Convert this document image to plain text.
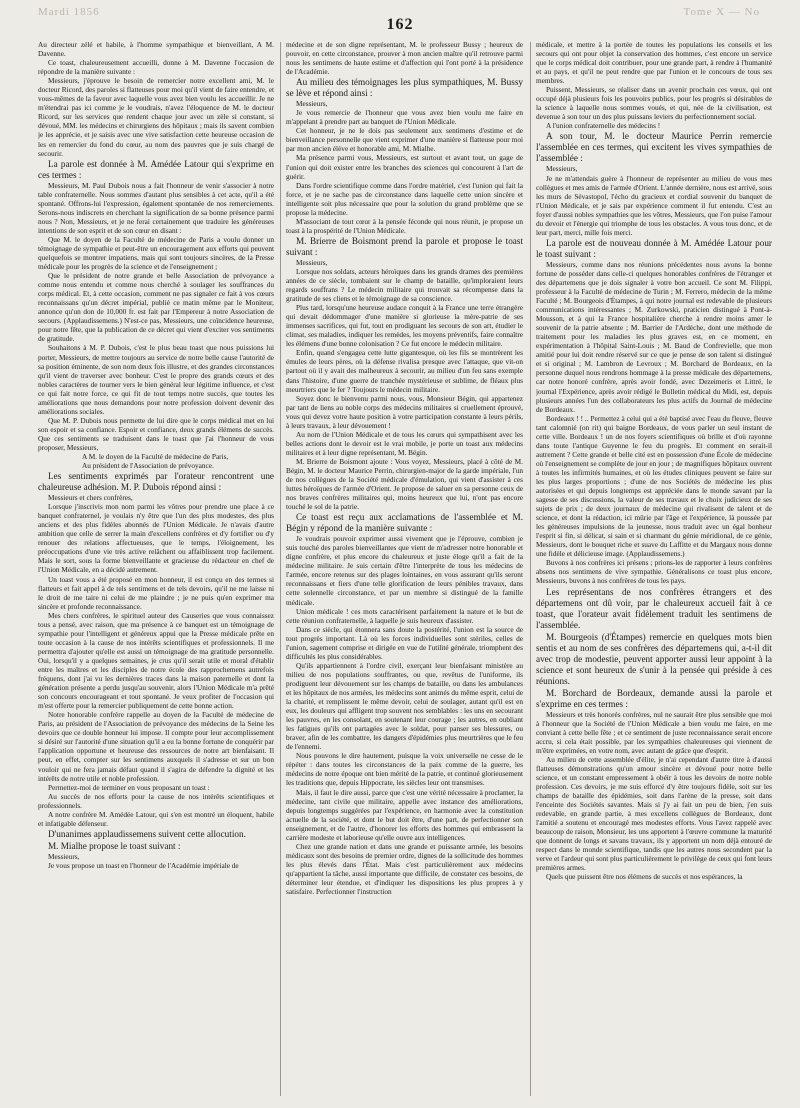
Mardi 1856
162
Tome X — No

Au directeur zélé et habile, à l'homme sympathique et bienveillant, A M. Davenne.

Ce toast, chaleureusement accueilli, donne à M. Davenne l'occasion de répondre de la manière suivante :

Messieurs, j'éprouve le besoin de remercier notre excellent ami, M. le docteur Ricord, des paroles si flatteuses pour moi qu'il vient de faire entendre, et vous-mêmes de la faveur avec laquelle vous avez bien voulu les accueillir. Je ne m'étendrai pas ici comme je le voudrais, n'avez l'éloquence de M. le docteur Ricord, sur les services que rendent chaque jour avec un zèle si constant, si dévoué, MM. les médecins et chirurgiens des hôpitaux ; mais ils savent combien je les apprécie, et je saisis avec une vive satisfaction cette heureuse occasion de les en remercier du fond du cœur, au nom des pauvres que je suis chargé de secourir.

La parole est donnée à M. Amédée Latour qui s'exprime en ces termes :

Messieurs, M. Paul Dubois nous a fait l'honneur de venir s'associer à notre table confraternelle. Nous sommes d'autant plus sensibles à cet acte, qu'il a été spontané. Offrons-lui l'expression, également spontanée de nos remerciements. Serons-nous indiscrets en cherchant la signification de sa bonne présence parmi nous ? Non, Messieurs, et je ne ferai certainement que traduire les généreuses intentions de son esprit et de son cœur en disant :

Que M. le doyen de la Faculté de médecine de Paris a voulu donner un témoignage de sympathie et peut-être un encouragement aux efforts qui peuvent quelquefois se montrer impatiens, mais qui sont toujours sincères, de la Presse médicale pour les progrès de la science et de l'enseignement ;

Que le président de notre grande et belle Association de prévoyance a comme nous entendu et comme nous cherché à soulager les souffrances du corps médical. Et, à cette occasion, comment ne pas signaler ce fait à vos cœurs reconnaissans qu'un décret impérial, publié ce matin même par le Moniteur, annonce qu'un don de 10,000 fr. est fait par l'Empereur à notre Association de secours. (Applaudissemens.) N'est-ce pas, Messieurs, une coïncidence heureuse, pour notre fête, que la publication de ce décret qui vient d'exciter vos sentiments de gratitude.

Souhaitons à M. P. Dubois, c'est le plus beau toast que nous puissions lui porter, Messieurs, de mettre toujours au service de notre belle cause l'autorité de sa position éminente, de son nom deux fois illustre, et des grandes circonstances qu'il vient de traverser avec bonheur. C'est le propre des grands cœurs et des nobles caractères de tourner vers le bien général leur légitime influence, et c'est ce qui fait notre force, ce qui fit de tout temps notre succès, que toutes les améliorations que nous demandons pour notre profession doivent devenir des améliorations sociales.

Que M. P. Dubois nous permette de lui dire que le corps médical met en lui son espoir et sa confiance. Espoir et confiance, deux grands élémens de succès. Que ces sentiments se traduisent dans le toast que j'ai l'honneur de vous proposer, Messieurs,

A M. le doyen de la Faculté de médecine de Paris,

Au président de l'Association de prévoyance.

Les sentiments exprimés par l'orateur rencontrent une chaleureuse adhésion. M. P. Dubois répond ainsi :

Messieurs et chers confrères,

Lorsque j'inscrivis mon nom parmi les vôtres pour prendre une place à ce banquet confraternel, je voulais n'y être que l'un des plus modestes, des plus anciens et des plus fidèles abonnés de l'Union Médicale. Je n'avais d'autre ambition que celle de serrer la main d'excellens confrères et d'y fortifier ou d'y renouer des relations affectueuses, que le temps, l'éloignement, les préoccupations d'une vie très active relâchent ou affaiblissent trop facilement. Mais le sort, sous la forme bienveillante et gracieuse du rédacteur en chef de l'Union Médicale, en a décidé autrement.

Un toast vous a été proposé en mon honneur, il est conçu en des termes si flatteurs et fait appel à de tels sentimens et de tels devoirs, qu'il ne me laisse ni le droit de me taire ni celui de me plaindre ; je ne puis qu'en exprimer ma sincère et profonde reconnaissance.

Mes chers confrères, le spirituel auteur des Causeries que vous connaissez tous a pensé, avec raison, que ma présence à ce banquet est un témoignage de sympathie pour l'intelligent et généreux appui que la Presse médicale prête en toute occasion à la cause de nos intérêts scientifiques et professionnels. Il me permettra d'ajouter qu'elle est aussi un témoignage de ma gratitude personnelle. Oui, lorsqu'il y a quelques semaines, je crus qu'il serait utile et moral d'établir entre les maîtres et les disciples de notre école des rapprochemens autrefois fréquens, dont j'ai vu les dernières traces dans la maison paternelle et dont la génération présente a perdu jusqu'au souvenir, alors l'Union Médicale m'a prêté son concours encourageant et tout spontané. Je veux profiter de l'occasion qui m'est offerte pour la remercier publiquement de cette bonne action.

Notre honorable confrère rappelle au doyen de la Faculté de médecine de Paris, au président de l'Association de prévoyance des médecins de la Seine les devoirs que ce double honneur lui impose. Il compte pour leur accomplissement si désiré sur l'autorité d'une situation qu'il a eu la bonne fortune de conquérir par l'application opportune et heureuse des ressources de notre art bienfaisant. Il peut, en effet, compter sur les sentimens auxquels il s'adresse et sur un bon vouloir qui ne fera jamais défaut quand il s'agira de défendre la dignité et les intérêts de notre utile et noble profession.

Permettez-moi de terminer en vous proposant un toast :

Au succès de nos efforts pour la cause de nos intérêts scientifiques et professionnels.

A notre confrère M. Amédée Latour, qui s'en est montré un éloquent, habile et infatigable défenseur.

D'unanimes applaudissemens suivent cette allocution.

M. Mialhe propose le toast suivant :

Messieurs,

Je vous propose un toast en l'honneur de l'Académie impériale de

médecine et de son digne représentant, M. le professeur Bussy ; heureux de pouvoir, en cette circonstance, prouver à mon ancien maître qu'il retrouve parmi nous les sentimens de haute estime et d'affection qui l'ont porté à la présidence de l'Académie.

Au milieu des témoignages les plus sympathiques, M. Bussy se lève et répond ainsi :

Messieurs,

Je vous remercie de l'honneur que vous avez bien voulu me faire en m'appelant à prendre part au banquet de l'Union Médicale.

Cet honneur, je ne le dois pas seulement aux sentimens d'estime et de bienveillance personnelle que vient exprimer d'une manière si flatteuse pour moi par mon ancien élève et honorable ami, M. Mialhe.

Ma présence parmi vous, Messieurs, est surtout et avant tout, un gage de l'union qui doit exister entre les branches des sciences qui concourent à l'art de guérir.

Dans l'ordre scientifique comme dans l'ordre matériel, c'est l'union qui fait la force, et je ne sache pas de circonstance dans laquelle cette union sincère et intelligente soit plus nécessaire que pour la solution du grand problème que se propose la médecine.

M'associant de tout cœur à la pensée féconde qui nous réunit, je propose un toast à la prospérité de l'Union Médicale.

M. Brierre de Boismont prend la parole et propose le toast suivant :

Messieurs,

Lorsque nos soldats, acteurs héroïques dans les grands drames des premières années de ce siècle, tombaient sur le champ de bataille, qu'imploraient leurs regards souffrans ? Le médecin militaire qui trouvait sa récompense dans la gratitude de ses cliens et le témoignage de sa conscience.

Plus tard, lorsqu'une heureuse audace conquit à la France une terre étrangère qui devait dédommager d'une manière si glorieuse la mère-patrie de ses immenses sacrifices, qui fut, tout en prodiguant les secours de son art, étudier le climat, ses maladies, indiquer les remèdes, les moyens préventifs, faire connaître les élémens d'une bonne colonisation ? Ce fut encore le médecin militaire.

Enfin, quand s'engagea cette lutte gigantesque, où les fils se montrèrent les émules de leurs pères, où la défense rivalisa presque avec l'attaque, que vit-on partout où il y avait des malheureux à secourir, au milieu d'un feu sans exemple dans l'histoire, d'une guerre de tranchée mystérieuse et sublime, de fléaux plus meurtriers que le fer ? Toujours le médecin militaire.

Soyez donc le bienvenu parmi nous, vous, Monsieur Bégin, qui appartenez par tant de liens au noble corps des médecins militaires si cruellement éprouvé, vous qui devez votre haute position à votre participation constante à leurs périls, à leurs travaux, à leur dévouement !

Au nom de l'Union Médicale et de tous les cœurs qui sympathisent avec les belles actions dont le devoir est le vrai mobile, je porte un toast aux médecins militaires et à leur digne représentant, M. Bégin.

M. Brierre de Boismont ajoute : Vous voyez, Messieurs, placé à côté de M. Bégin, M. le docteur Maurice Perrin, chirurgien-major de la garde impériale, l'un de nos collègues de la Société médicale d'émulation, qui vient d'assister à ces luttes héroïques de l'armée d'Orient. Je propose de saluer en sa personne ceux de nos braves confrères militaires qui, moins heureux que lui, n'ont pas encore touché le sol de la patrie.

Ce toast est reçu aux acclamations de l'assemblée et M. Bégin y répond de la manière suivante :

Je voudrais pouvoir exprimer aussi vivement que je l'éprouve, combien je suis touché des paroles bienveillantes que vient de m'adresser notre honorable et digne confrère, et plus encore du chaleureux et juste éloge qu'il a fait de la médecine militaire. Je suis certain d'être l'interprète de tous les médecins de l'armée, encore retenus sur des plages lointaines, en vous assurant qu'ils seront reconnaissans et fiers d'une telle glorification de leurs pénibles travaux, dans cette solennelle circonstance, et par un membre si distingué de la famille médicale.

Union médicale ! ces mots caractérisent parfaitement la nature et le but de cette réunion confraternelle, à laquelle je suis heureux d'assister.

Dans ce siècle, qui étonnera sans doute la postérité, l'union est la source de tout progrès important. Là où les forces individuelles sont stériles, celles de l'union, sagement comprise et dirigée en vue de l'utilité générale, triomphent des difficultés les plus considérables.

Qu'ils appartiennent à l'ordre civil, exerçant leur bienfaisant ministère au milieu de nos populations souffrantes, ou que, revêtus de l'uniforme, ils prodiguent leur dévouement sur les champs de bataille, ou dans les ambulances et les hôpitaux de nos armées, les médecins sont animés du même esprit, celui de la charité, et remplissent le même devoir, celui de soulager, autant qu'il est en eux, les douleurs qui affligent trop souvent nos semblables : les uns en secourant les pauvres, en les consolant, en soutenant leur courage ; les autres, en oubliant les fatigues qu'ils ont partagées avec le soldat, pour panser ses blessures, ou braver, afin de les combattre, les dangers d'épidémies plus meurtrières que le feu de l'ennemi.

Nous pouvons le dire hautement, puisque la voix universelle ne cesse de le répéter : dans toutes les circonstances de la paix comme de la guerre, les médecins de notre époque ont bien mérité de la patrie, et continué glorieusement les traditions que, depuis Hippocrate, les siècles leur ont transmises.

Mais, il faut le dire aussi, parce que c'est une vérité nécessaire à proclamer, la médecine, tant civile que militaire, appelle avec instance des améliorations, depuis longtemps suggérées par l'expérience, en harmonie avec la constitution actuelle de la société, et dont le but doit être, d'une part, de perfectionner son enseignement, et de l'autre, d'honorer les efforts des hommes qui embrassent la carrière modeste et laborieuse qu'elle ouvre aux intelligences.

Chez une grande nation et dans une grande et puissante armée, les besoins médicaux sont des besoins de premier ordre, dignes de la sollicitude des hommes les plus élevés dans l'État. Mais c'est particulièrement aux médecins qu'appartient la tâche, aussi importante que difficile, de constater ces besoins, de déterminer leur étendue, et d'indiquer les dispositions les plus propres à y satisfaire. Perfectionner l'instruction

médicale, et mettre à la portée de toutes les populations les conseils et les secours qui ont pour objet la conservation des hommes, c'est encore un service que le corps médical doit contribuer, pour une grande part, à rendre à l'humanité et au pays, et qu'il ne peut rendre que par l'union et le concours de tous ses membres.

Puissent, Messieurs, se réaliser dans un avenir prochain ces vœux, qui ont occupé déjà plusieurs fois les pouvoirs publics, pour les progrès si désirables de la science à laquelle nous sommes voués, et qui, née de la civilisation, est devenue à son tour un des plus puissans leviers du perfectionnement social.

A l'union confraternelle des médecins !

A son tour, M. le docteur Maurice Perrin remercie l'assemblée en ces termes, qui excitent les vives sympathies de l'assemblée :

Messieurs,

Je ne m'attendais guère à l'honneur de représenter au milieu de vous mes collègues et mes amis de l'armée d'Orient. L'année dernière, nous est arrivé, sous les murs de Sévastopol, l'écho du gracieux et cordial souvenir du banquet de l'Union Médicale, et je sais par expérience comment il fut entendu. C'est au foyer d'aussi nobles sympathies que les vôtres, Messieurs, que l'on puise l'amour du devoir et l'énergie qui triomphe de tous les obstacles. A vous tous donc, et de leur part, merci, mille fois merci.

La parole est de nouveau donnée à M. Amédée Latour pour le toast suivant :

Messieurs, comme dans nos réunions précédentes nous avons la bonne fortune de posséder dans celle-ci quelques honorables confrères de l'étranger et des départemens que je dois signaler à votre bon accueil. Ce sont M. Filippi, professeur à la Faculté de médecine de Turin ; M. Ferrero, médecin de la même Faculté ; M. Bourgeois d'Étampes, à qui notre journal est redevable de plusieurs communications intéressantes ; M. Zurkowski, praticien distingué à Pont-à-Mousson, et à qui la France hospitalière cherche à rendre moins amer le souvenir de la patrie absente ; M. Barrier de l'Ardèche, dont une méthode de traitement pour les maladies les plus graves est, en ce moment, en expérimentation à l'hôpital Saint-Louis ; M. Baud de Confrevielle, que mon amitié pour lui doit rendre réservé sur ce que je pense de son talent si distingué et si original ; M. Lambron de Levroux ; M. Borchard de Bordeaux, en la personne duquel nous rendrons hommage à la presse médicale des départemens, car notre honoré confrère, après avoir fondé, avec Dezeimeris et Littré, le journal l'Expérience, après avoir rédigé le Bulletin médical du Midi, est, depuis plusieurs années l'un des collaborateurs les plus actifs du Journal de médecine de Bordeaux.

Bordeaux ! ! .. Permettez à celui qui a été baptisé avec l'eau du fleuve, fleuve tant calomnié (on rit) qui baigne Bordeaux, de vous parler un seul instant de cette ville. Bordeaux ! un de nos foyers scientifiques où brille et d'où rayonne dans toute l'antique Guyenne le feu du progrès. Et comment en serait-il autrement ? Cette grande et belle cité est en possession d'une École de médecine où l'enseignement se complète de jour en jour ; de magnifiques hôpitaux ouvrent à toutes les infirmités humaines, et où les études cliniques peuvent se faire sur les plus larges proportions ; d'une de nos Sociétés de médecine les plus autorisées et qui depuis longtemps est appréciée dans le monde savant par la sagesse de ses discussions, la valeur de ses travaux et le choix judicieux de ses sujets de prix ; de deux journaux de médecine qui rivalisent de talent et de science, et dont la rédaction, ici mûrie par l'âge et l'expérience, là poussée par les généreuses impulsions de la jeunesse, nous traduit avec un égal bonheur l'esprit si fin, si délicat, si sain et si charmant du génie méridional, de ce génie, Messieurs, dont le bouquet riche et suave du Laffitte et du Margaux nous donne une fidèle et délicieuse image. (Applaudissemens.)

Buvons à nos confrères ici présens ; prions-les de rapporter à leurs confrères absens nos sentimens de vive sympathie. Généralisons ce toast plus encore, Messieurs, buvons à nos confrères de tous les pays.

Les représentans de nos confrères étrangers et des départemens ont dû voir, par le chaleureux accueil fait à ce toast, que l'orateur avait fidèlement traduit les sentimens de l'assemblée.

M. Bourgeois (d'Étampes) remercie en quelques mots bien sentis et au nom de ses confrères des départemens qui, a-t-il dit avec trop de modestie, peuvent apporter aussi leur appoint à la science et sont heureux de s'unir à la pensée qui préside à ces réunions.

M. Borchard de Bordeaux, demande aussi la parole et s'exprime en ces termes :

Messieurs et très honorés confrères, nul ne saurait être plus sensible que moi à l'honneur que la Société de l'Union Médicale a bien voulu me faire, en me conviant à cette belle fête ; et ce sentiment de juste reconnaissance serait encore accru, si cela était possible, par les sympathies chaleureuses qui viennent de m'être exprimées, en votre nom, avec autant de grâce que d'esprit.

Au milieu de cette assemblée d'élite, je n'ai cependant d'autre titre à d'aussi flatteuses démonstrations qu'un amour sincère et dévoué pour notre belle science, et un constant empressement à obéir à tous les devoirs de notre noble profession. Ces devoirs, je me suis efforcé d'y être toujours fidèle, soit sur les champs de bataille des épidémies, soit dans l'arène de la presse, soit dans l'enceinte des Sociétés savantes. Mais si j'y ai fait un peu de bien, j'en suis redevable, en grande partie, à mes excellens collègues de Bordeaux, dont l'amitié a soutenu et encouragé mes modestes efforts. Vous l'avez rappelé avec beaucoup de raison, Monsieur, les uns apportent à l'œuvre commune la maturité que donnent de longs et savans travaux, ils y apportent un nom déjà entouré de respect dans le monde scientifique, tandis que les autres nous secondent par la verve et l'ardeur qui sont plus particulièrement le privilège de ceux qui font leurs premières armes.

Quels que puissent être nos élémens de succès et nos espérances, la
